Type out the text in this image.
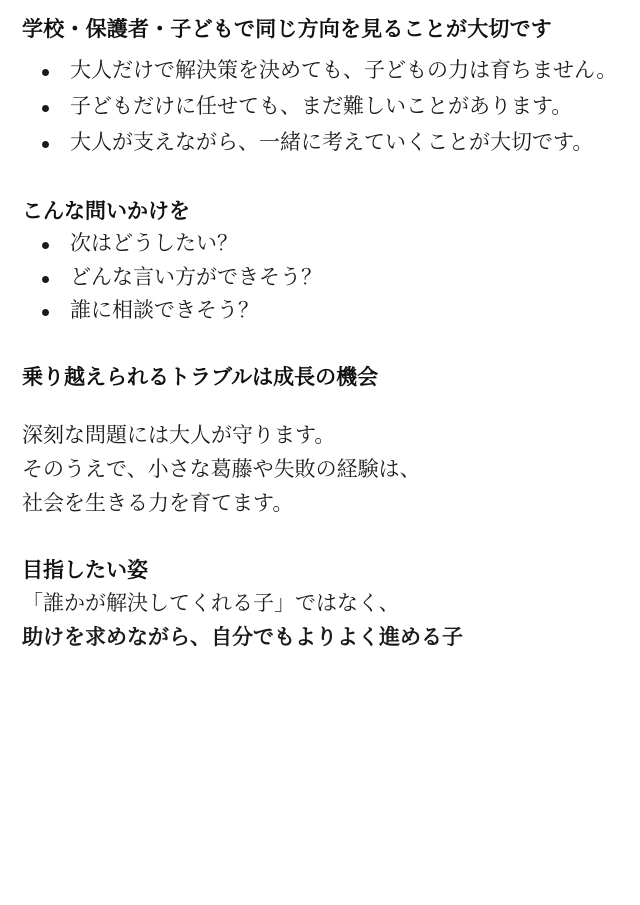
学校・保護者・子どもで同じ方向を見ることが大切です
大人だけで解決策を決めても、子どもの力は育ちません。
子どもだけに任せても、まだ難しいことがあります。
大人が支えながら、一緒に考えていくことが大切です。
こんな問いかけを
次はどうしたい？
どんな言い方ができそう？
誰に相談できそう？
乗り越えられるトラブルは成長の機会

深刻な問題には大人が守ります。

そのうえで、小さな葛藤や失敗の経験は、

社会を生きる力を育てます。

目指したい姿

「誰かが解決してくれる子」ではなく、

助けを求めながら、自分でもよりよく進める子
